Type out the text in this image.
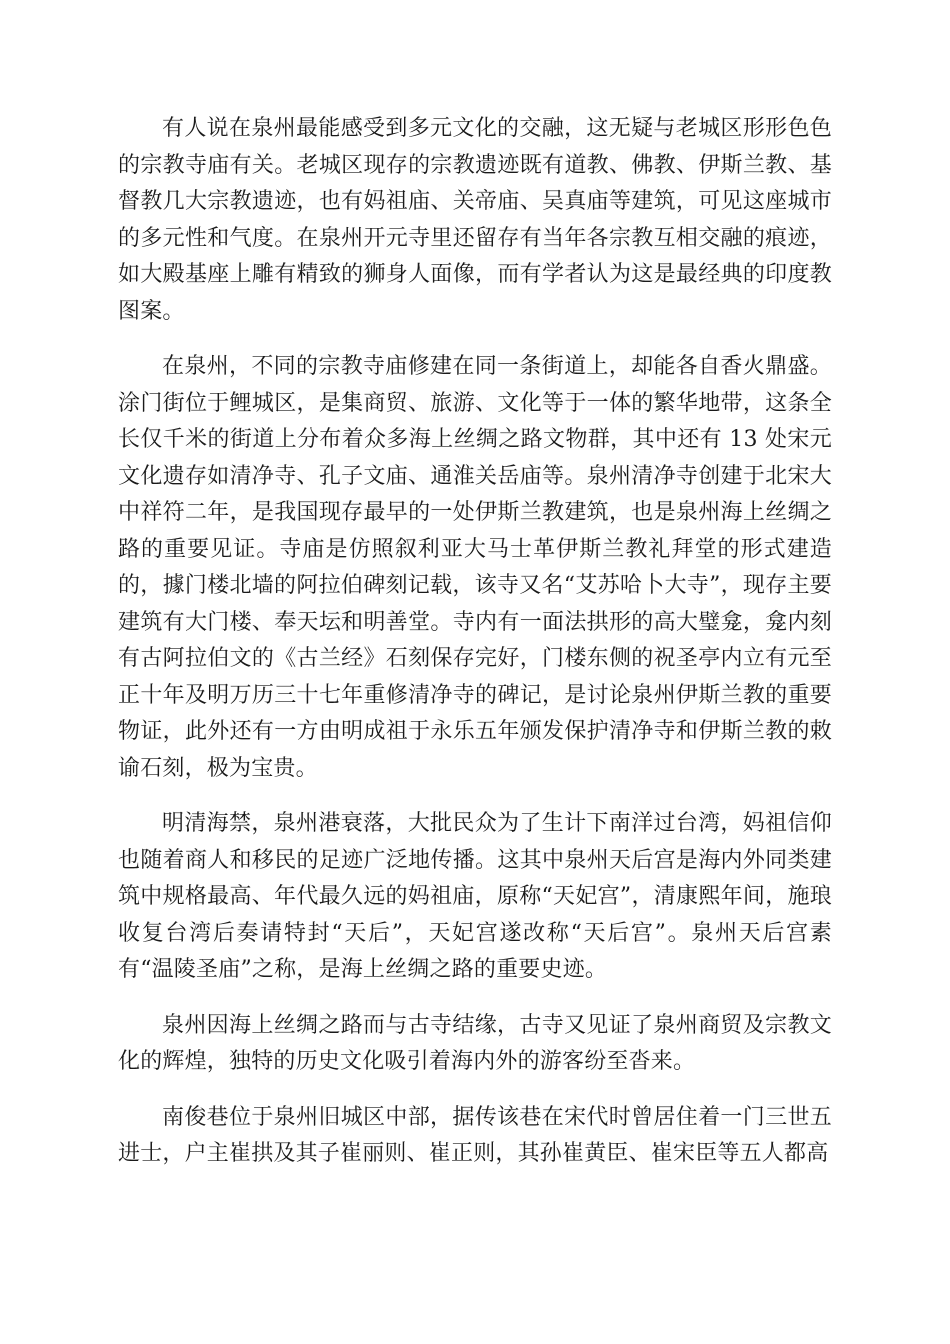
有人说在泉州最能感受到多元文化的交融，这无疑与老城区形形色色的宗教寺庙有关。老城区现存的宗教遗迹既有道教、佛教、伊斯兰教、基督教几大宗教遗迹，也有妈祖庙、关帝庙、吴真庙等建筑，可见这座城市的多元性和气度。在泉州开元寺里还留存有当年各宗教互相交融的痕迹，如大殿基座上雕有精致的狮身人面像，而有学者认为这是最经典的印度教图案。

在泉州，不同的宗教寺庙修建在同一条街道上，却能各自香火鼎盛。涂门街位于鲤城区，是集商贸、旅游、文化等于一体的繁华地带，这条全长仅千米的街道上分布着众多海上丝绸之路文物群，其中还有 13 处宋元文化遗存如清净寺、孔子文庙、通淮关岳庙等。泉州清净寺创建于北宋大中祥符二年，是我国现存最早的一处伊斯兰教建筑，也是泉州海上丝绸之路的重要见证。寺庙是仿照叙利亚大马士革伊斯兰教礼拜堂的形式建造的，據门楼北墙的阿拉伯碑刻记载，该寺又名“艾苏哈卜大寺”，现存主要建筑有大门楼、奉天坛和明善堂。寺内有一面法拱形的高大璧龛，龛内刻有古阿拉伯文的《古兰经》石刻保存完好，门楼东侧的祝圣亭内立有元至正十年及明万历三十七年重修清净寺的碑记，是讨论泉州伊斯兰教的重要物证，此外还有一方由明成祖于永乐五年颁发保护清净寺和伊斯兰教的敕谕石刻，极为宝贵。

明清海禁，泉州港衰落，大批民众为了生计下南洋过台湾，妈祖信仰也随着商人和移民的足迹广泛地传播。这其中泉州天后宫是海内外同类建筑中规格最高、年代最久远的妈祖庙，原称“天妃宫”，清康熙年间，施琅收复台湾后奏请特封“天后”，天妃宫遂改称“天后宫”。泉州天后宫素有“温陵圣庙”之称，是海上丝绸之路的重要史迹。

泉州因海上丝绸之路而与古寺结缘，古寺又见证了泉州商贸及宗教文化的辉煌，独特的历史文化吸引着海内外的游客纷至沓来。

南俊巷位于泉州旧城区中部，据传该巷在宋代时曾居住着一门三世五进士，户主崔拱及其子崔丽则、崔正则，其孙崔黄臣、崔宋臣等五人都高
